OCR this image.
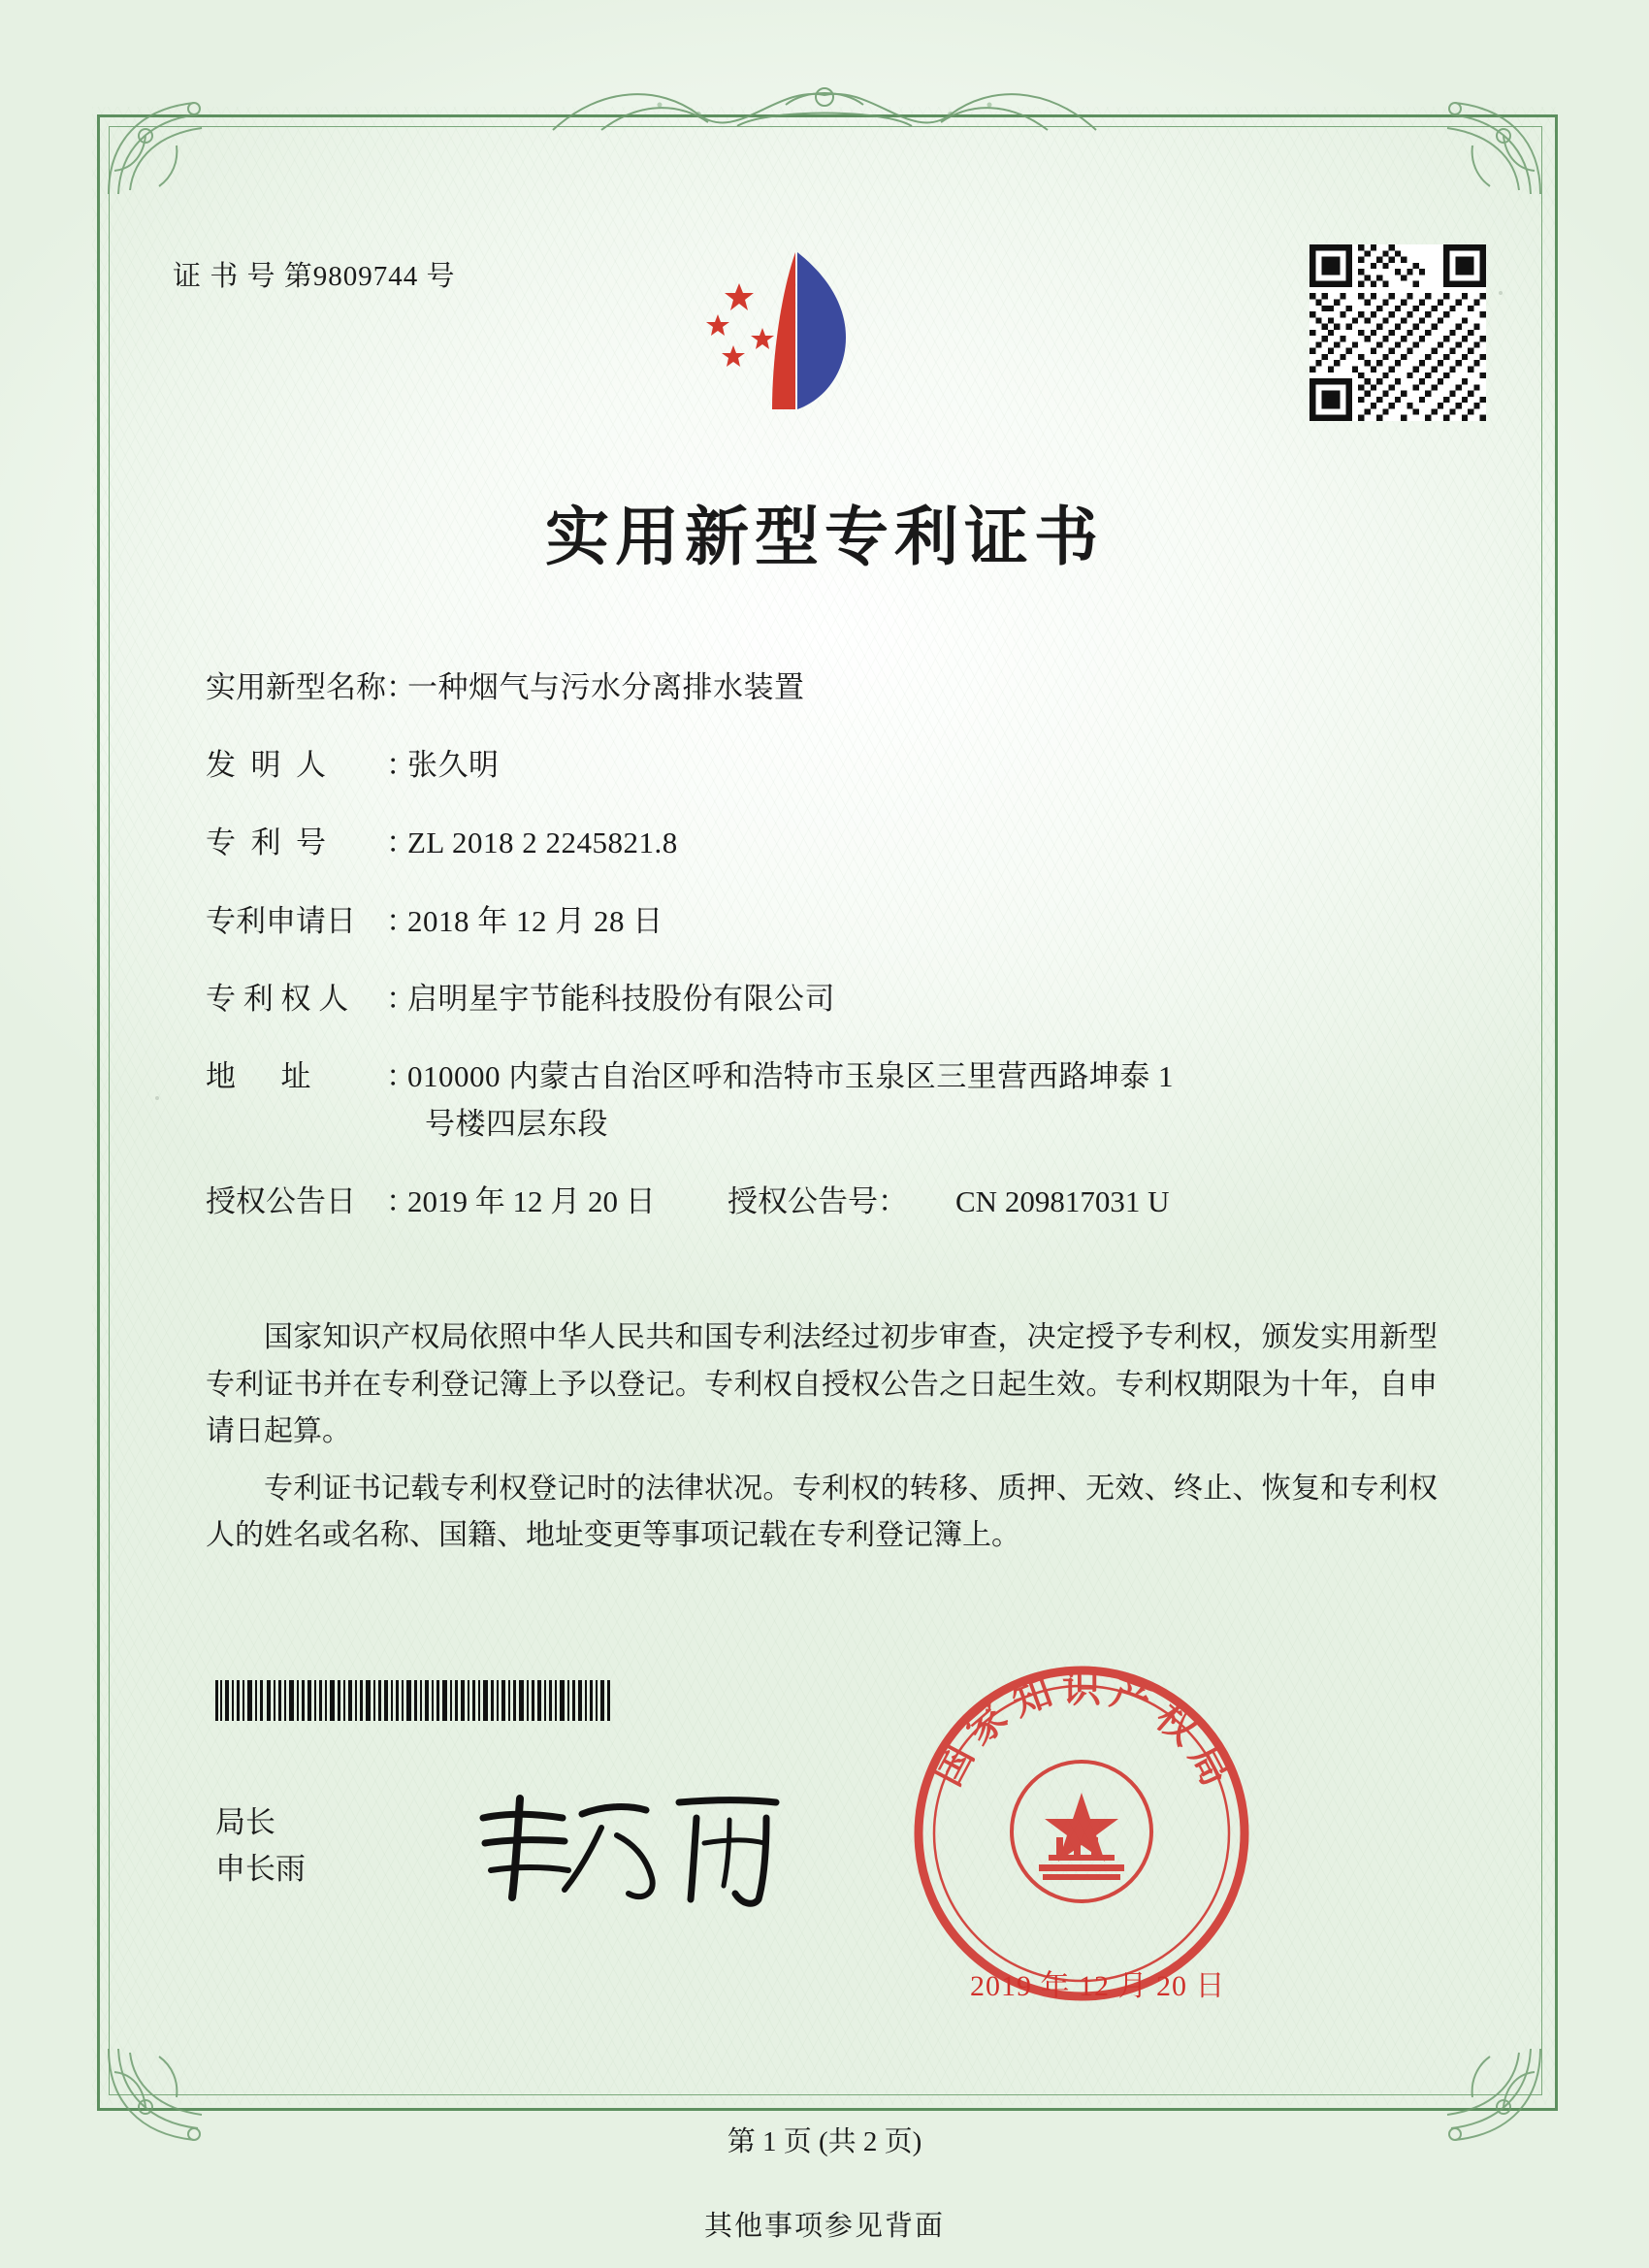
证 书 号 第9809744 号
实用新型专利证书
实用新型名称 ：
一种烟气与污水分离排水装置
发  明  人	：
张久明
专  利  号	：
ZL 2018 2 2245821.8
专利申请日	：
2018 年 12 月 28 日
专 利 权 人	：
启明星宇节能科技股份有限公司
地      址	：
010000 内蒙古自治区呼和浩特市玉泉区三里营西路坤泰 1
号楼四层东段
授权公告日	：
2019 年 12 月 20 日	授权公告号：	CN 209817031 U

国家知识产权局依照中华人民共和国专利法经过初步审查，决定授予专利权，颁发实用新型专利证书并在专利登记簿上予以登记。专利权自授权公告之日起生效。专利权期限为十年，自申请日起算。

专利证书记载专利权登记时的法律状况。专利权的转移、质押、无效、终止、恢复和专利权人的姓名或名称、国籍、地址变更等事项记载在专利登记簿上。

局长
申长雨
国
家
知 识 产
权
局
2019 年 12 月 20 日
第 1 页 (共 2 页)
其他事项参见背面
